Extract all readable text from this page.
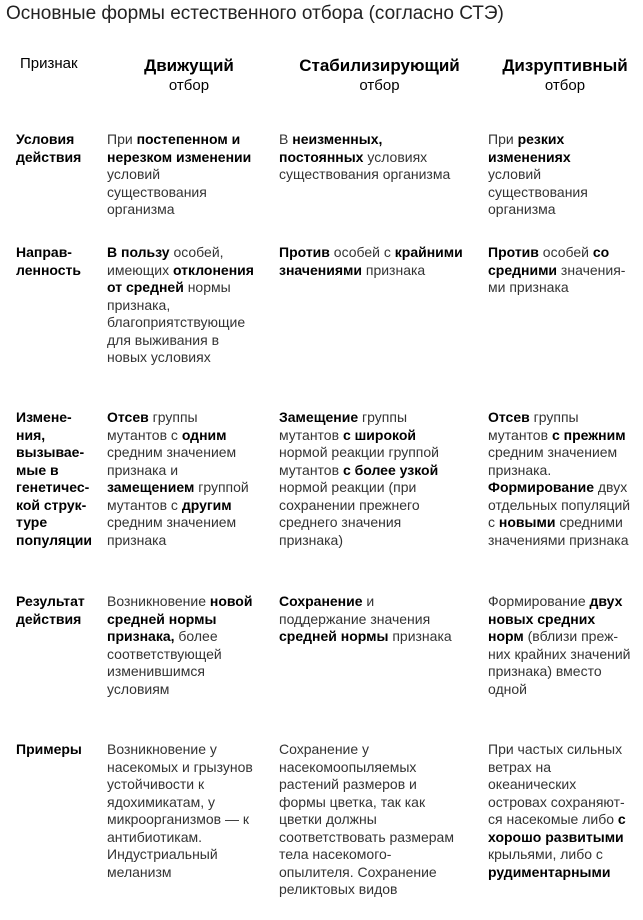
Основные формы естественного отбора (согласно СТЭ)
Признак	Движущий
отбор
Стабилизирующий
отбор
Дизруптивный
отбор
Условия
действия
При постепенном и
нерезком изменении
условий
существования
организма
В неизменных,
постоянных условиях
существования организма
При резких
изменениях
условий
существования
организма
Направ-
ленность
В пользу особей,
имеющих отклонения
от средней нормы
признака,
благоприятствующие
для выживания в
новых условиях
Против особей с крайними
значениями признака
Против особей со
средними значения-
ми признака
Измене-
ния,
вызывае-
мые в
генетичес-
кой струк-
туре
популяции
Отсев группы
мутантов с одним
средним значением
признака и
замещением группой
мутантов с другим
средним значением
признака
Замещение группы
мутантов с широкой
нормой реакции группой
мутантов с более узкой
нормой реакции (при
сохранении прежнего
среднего значения
признака)
Отсев группы
мутантов с прежним
средним значением
признака.
Формирование двух
отдельных популяций
с новыми средними
значениями признака
Результат
действия
Возникновение новой
средней нормы
признака, более
соответствующей
изменившимся
условиям
Сохранение и
поддержание значения
средней нормы признака
Формирование двух
новых средних
норм (вблизи преж-
них крайних значений
признака) вместо
одной
Примеры	Возникновение у
насекомых и грызунов
устойчивости к
ядохимикатам, у
микроорганизмов — к
антибиотикам.
Индустриальный
меланизм
Сохранение у
насекомоопыляемых
растений размеров и
формы цветка, так как
цветки должны
соответствовать размерам
тела насекомого-
опылителя. Сохранение
реликтовых видов
При частых сильных
ветрах на
океанических
островах сохраняют-
ся насекомые либо с
хорошо развитыми
крыльями, либо с
рудиментарными
